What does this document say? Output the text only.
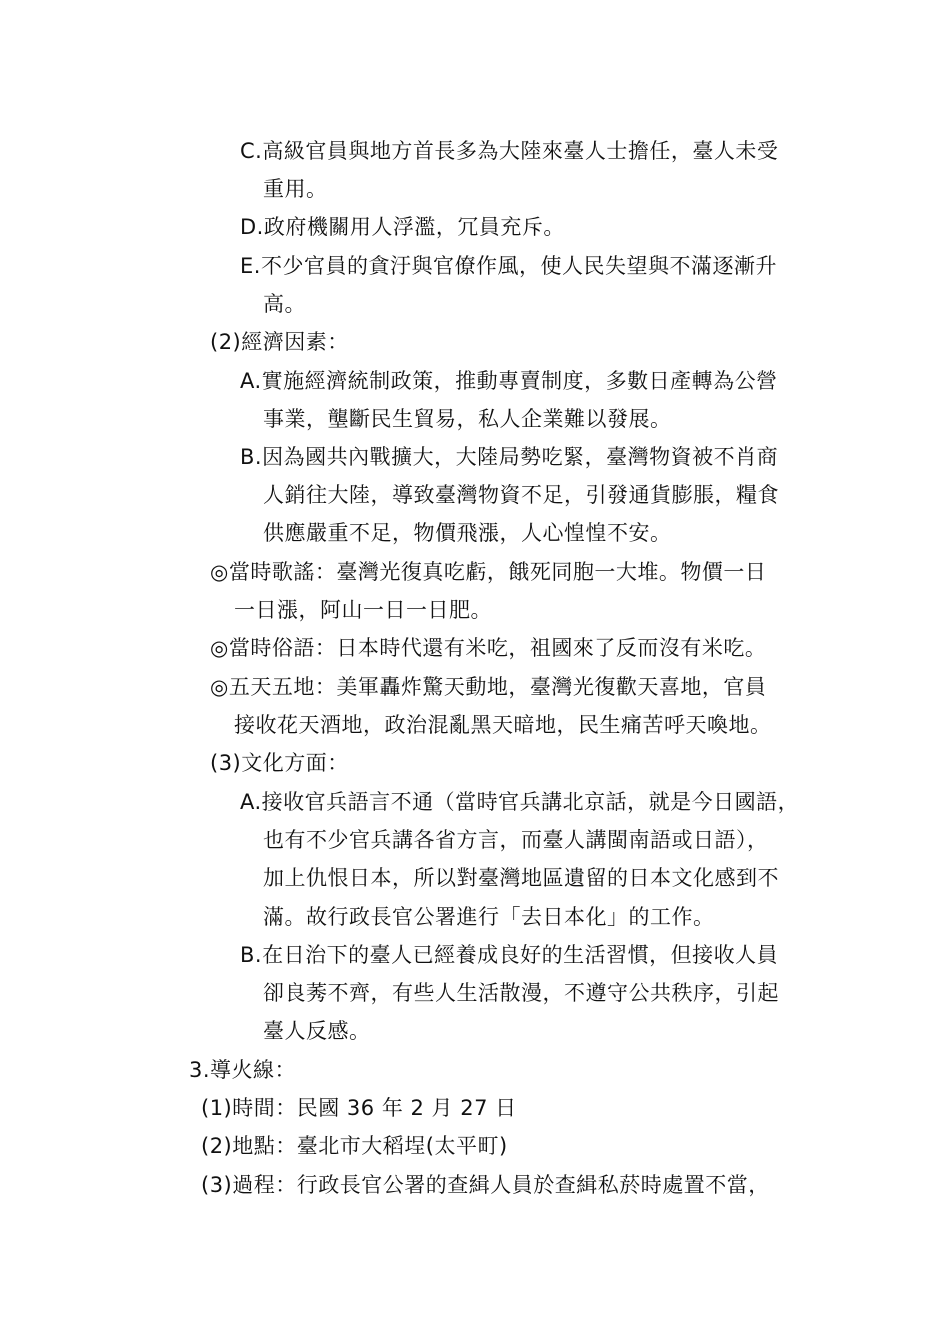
C.高級官員與地方首長多為大陸來臺人士擔任，臺人未受
重用。
D.政府機關用人浮濫，冗員充斥。
E.不少官員的貪汙與官僚作風，使人民失望與不滿逐漸升
高。
(2)經濟因素：
A.實施經濟統制政策，推動專賣制度，多數日產轉為公營
事業，壟斷民生貿易，私人企業難以發展。
B.因為國共內戰擴大，大陸局勢吃緊，臺灣物資被不肖商
人銷往大陸，導致臺灣物資不足，引發通貨膨脹，糧食
供應嚴重不足，物價飛漲，人心惶惶不安。
◎當時歌謠：臺灣光復真吃虧，餓死同胞一大堆。物價一日
一日漲，阿山一日一日肥。
◎當時俗語：日本時代還有米吃，祖國來了反而沒有米吃。
◎五天五地：美軍轟炸驚天動地，臺灣光復歡天喜地，官員
接收花天酒地，政治混亂黑天暗地，民生痛苦呼天喚地。
(3)文化方面：
A.接收官兵語言不通（當時官兵講北京話，就是今日國語，
也有不少官兵講各省方言，而臺人講閩南語或日語），
加上仇恨日本，所以對臺灣地區遺留的日本文化感到不
滿。故行政長官公署進行「去日本化」的工作。
B.在日治下的臺人已經養成良好的生活習慣，但接收人員
卻良莠不齊，有些人生活散漫，不遵守公共秩序，引起
臺人反感。
3.導火線：
(1)時間：民國 36 年 2 月 27 日
(2)地點：臺北市大稻埕(太平町)
(3)過程：行政長官公署的查緝人員於查緝私菸時處置不當，
